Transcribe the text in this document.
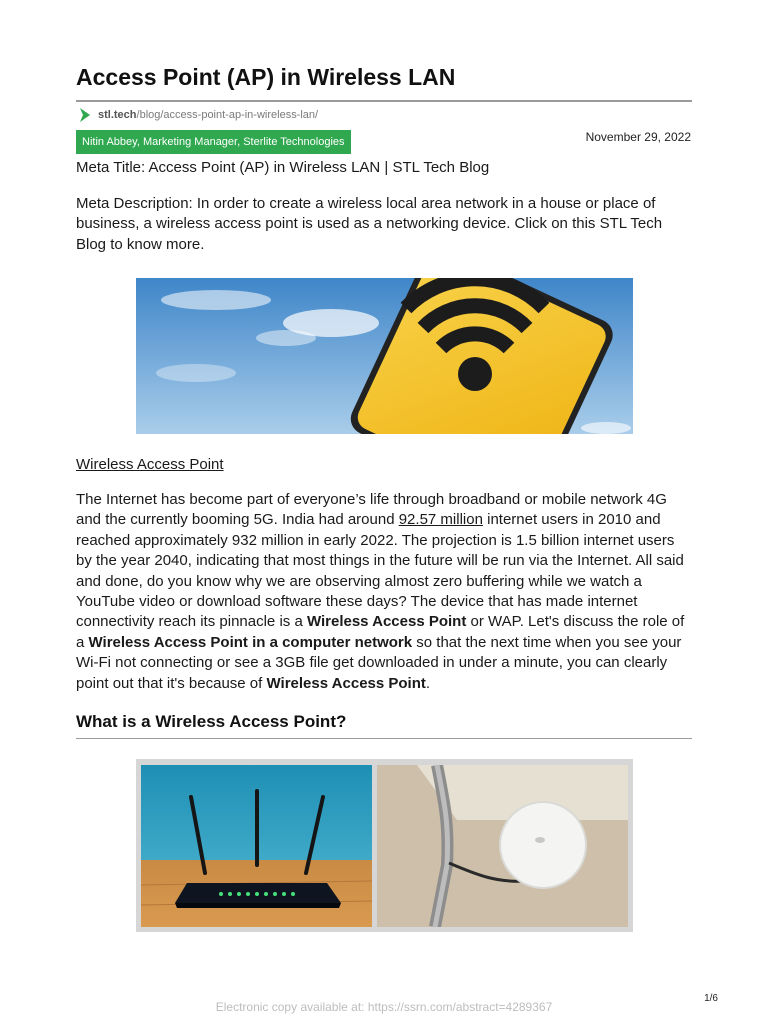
Access Point (AP) in Wireless LAN
stl.tech/blog/access-point-ap-in-wireless-lan/
Nitin Abbey, Marketing Manager, Sterlite Technologies	November 29, 2022

Meta Title: Access Point (AP) in Wireless LAN | STL Tech Blog

Meta Description: In order to create a wireless local area network in a house or place of business, a wireless access point is used as a networking device. Click on this STL Tech Blog to know more.

Wireless Access Point

The Internet has become part of everyone’s life through broadband or mobile network 4G and the currently booming 5G. India had around 92.57 million internet users in 2010 and reached approximately 932 million in early 2022. The projection is 1.5 billion internet users by the year 2040, indicating that most things in the future will be run via the Internet. All said and done, do you know why we are observing almost zero buffering while we watch a YouTube video or download software these days? The device that has made internet connectivity reach its pinnacle is a Wireless Access Point or WAP. Let's discuss the role of a Wireless Access Point in a computer network so that the next time when you see your Wi-Fi not connecting or see a 3GB file get downloaded in under a minute, you can clearly point out that it's because of Wireless Access Point.

What is a Wireless Access Point?
Electronic copy available at: https://ssrn.com/abstract=4289367
1/6
